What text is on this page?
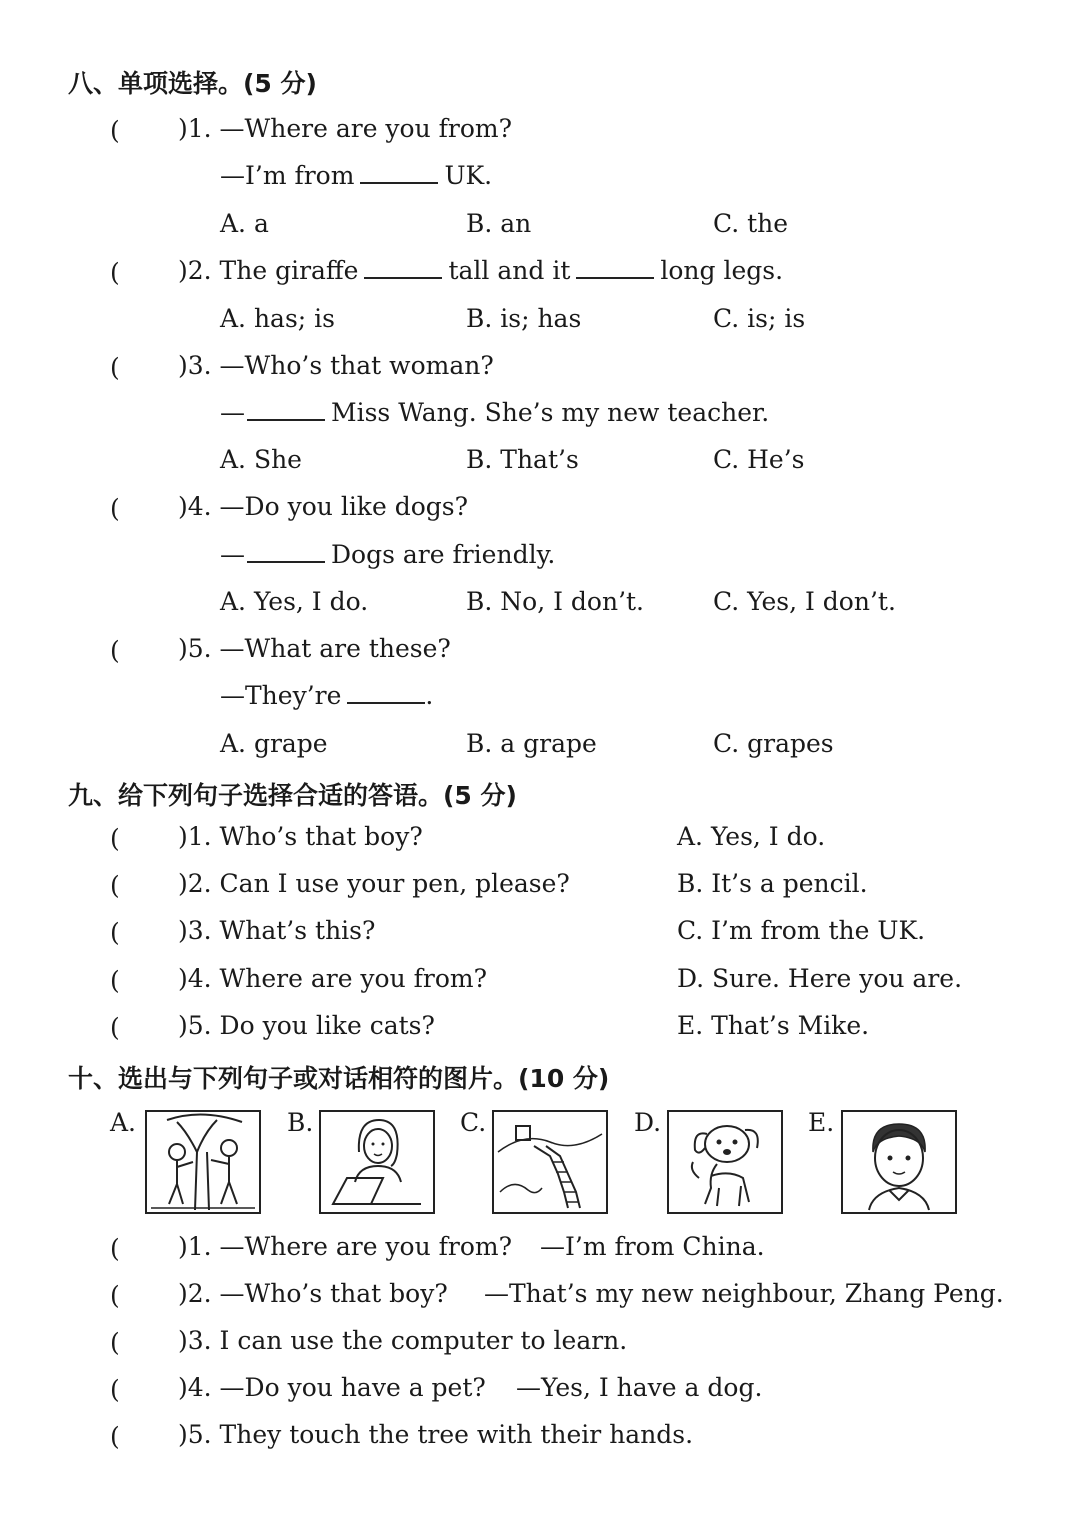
八、单项选择。(5 分)
( )1. —Where are you from?
—I’m from	UK.
A. a	B. an	C. the
( )2. The giraffe	tall and it	long legs.
A. has; is	B. is; has	C. is; is
( )3. —Who’s that woman?
—	Miss Wang. She’s my new teacher.
A. She	B. That’s	C. He’s
( )4. —Do you like dogs?
—	Dogs are friendly.
A. Yes, I do.	B. No, I don’t.	C. Yes, I don’t.
( )5. —What are these?
—They’re	.
A. grape	B. a grape	C. grapes
九、给下列句子选择合适的答语。(5 分)
( )1. Who’s that boy?	A. Yes, I do.
( )2. Can I use your pen, please?	B. It’s a pencil.
( )3. What’s this?	C. I’m from the UK.
( )4. Where are you from?	D. Sure. Here you are.
( )5. Do you like cats?	E. That’s Mike.
十、选出与下列句子或对话相符的图片。(10 分)
A.	B.	C.	D.	E.
( )1. —Where are you from? —I’m from China.
( )2. —Who’s that boy? —That’s my new neighbour, Zhang Peng.
( )3. I can use the computer to learn.
( )4. —Do you have a pet? —Yes, I have a dog.
( )5. They touch the tree with their hands.
